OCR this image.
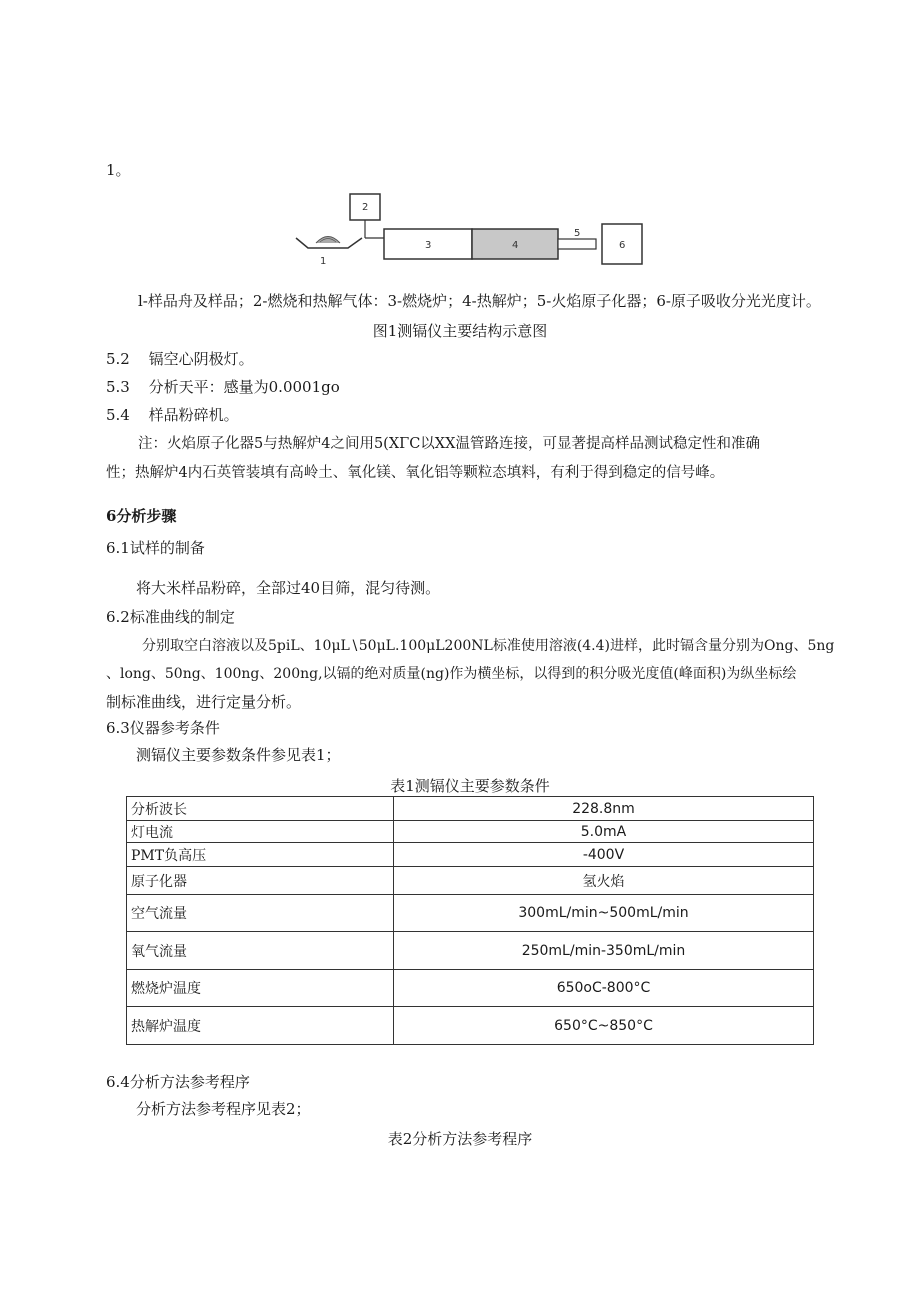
1。
1
2
3	4
5
6
l-样品舟及样品；2-燃烧和热解气体：3-燃烧炉；4-热解炉；5-火焰原子化器；6-原子吸收分光光度计。
图1测镉仪主要结构示意图
5.2 镉空心阴极灯。
5.3 分析天平：感量为0.0001go
5.4 样品粉碎机。
注：火焰原子化器5与热解炉4之间用5(XΓC以XX温管路连接，可显著提高样品测试稳定性和准确
性；热解炉4内石英管装填有高岭土、氧化镁、氧化铝等颗粒态填料，有利于得到稳定的信号峰。
6分析步骤
6.1试样的制备
将大米样品粉碎，全部过40目筛，混匀待测。
6.2标准曲线的制定
分别取空白溶液以及5piL、10μL∖50μL.100μL200NL标准使用溶液(4.4)进样，此时镉含量分别为Ong、5ng
、long、50ng、100ng、200ng,以镉的绝对质量(ng)作为横坐标，以得到的积分吸光度值(峰面积)为纵坐标绘
制标准曲线，进行定量分析。
6.3仪器参考条件
测镉仪主要参数条件参见表1；
表1测镉仪主要参数条件
分析波长	228.8nm
灯电流	5.0mA
PMT负高压	-400V
原子化器	氢火焰
空气流量	300mL/min~500mL/min
氧气流量	250mL/min-350mL∕min
燃烧炉温度	650oC-800°C
热解炉温度	650°C~850°C
6.4分析方法参考程序
分析方法参考程序见表2；
表2分析方法参考程序
